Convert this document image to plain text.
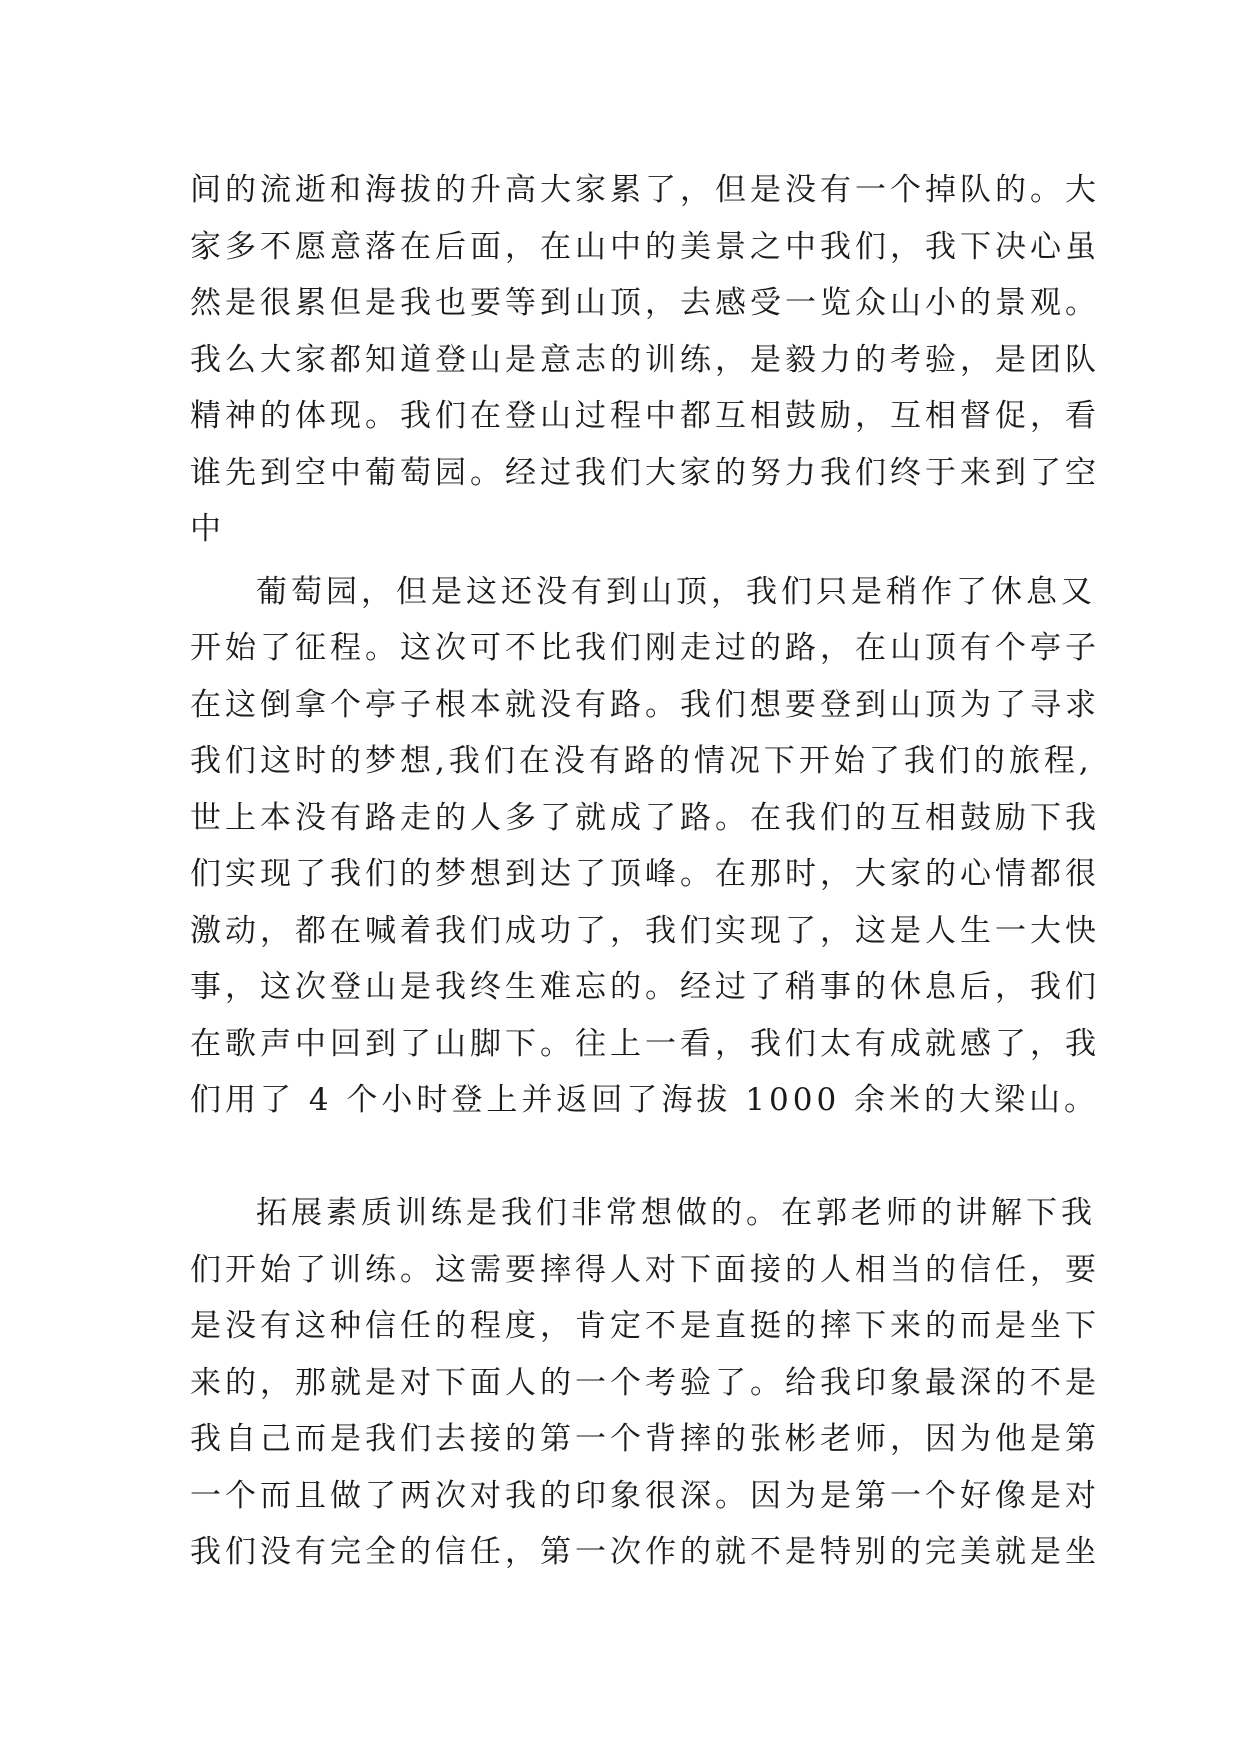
间的流逝和海拔的升高大家累了，但是没有一个掉队的。大
家多不愿意落在后面，在山中的美景之中我们，我下决心虽
然是很累但是我也要等到山顶，去感受一览众山小的景观。
我么大家都知道登山是意志的训练，是毅力的考验，是团队
精神的体现。我们在登山过程中都互相鼓励，互相督促，看
谁先到空中葡萄园。经过我们大家的努力我们终于来到了空
中
葡萄园，但是这还没有到山顶，我们只是稍作了休息又
开始了征程。这次可不比我们刚走过的路，在山顶有个亭子
在这倒拿个亭子根本就没有路。我们想要登到山顶为了寻求
我们这时的梦想,我们在没有路的情况下开始了我们的旅程,
世上本没有路走的人多了就成了路。在我们的互相鼓励下我
们实现了我们的梦想到达了顶峰。在那时，大家的心情都很
激动，都在喊着我们成功了，我们实现了，这是人生一大快
事，这次登山是我终生难忘的。经过了稍事的休息后，我们
在歌声中回到了山脚下。往上一看，我们太有成就感了，我
们用了 4 个小时登上并返回了海拔 1000 余米的大梁山。
拓展素质训练是我们非常想做的。在郭老师的讲解下我
们开始了训练。这需要摔得人对下面接的人相当的信任，要
是没有这种信任的程度，肯定不是直挺的摔下来的而是坐下
来的，那就是对下面人的一个考验了。给我印象最深的不是
我自己而是我们去接的第一个背摔的张彬老师，因为他是第
一个而且做了两次对我的印象很深。因为是第一个好像是对
我们没有完全的信任，第一次作的就不是特别的完美就是坐
